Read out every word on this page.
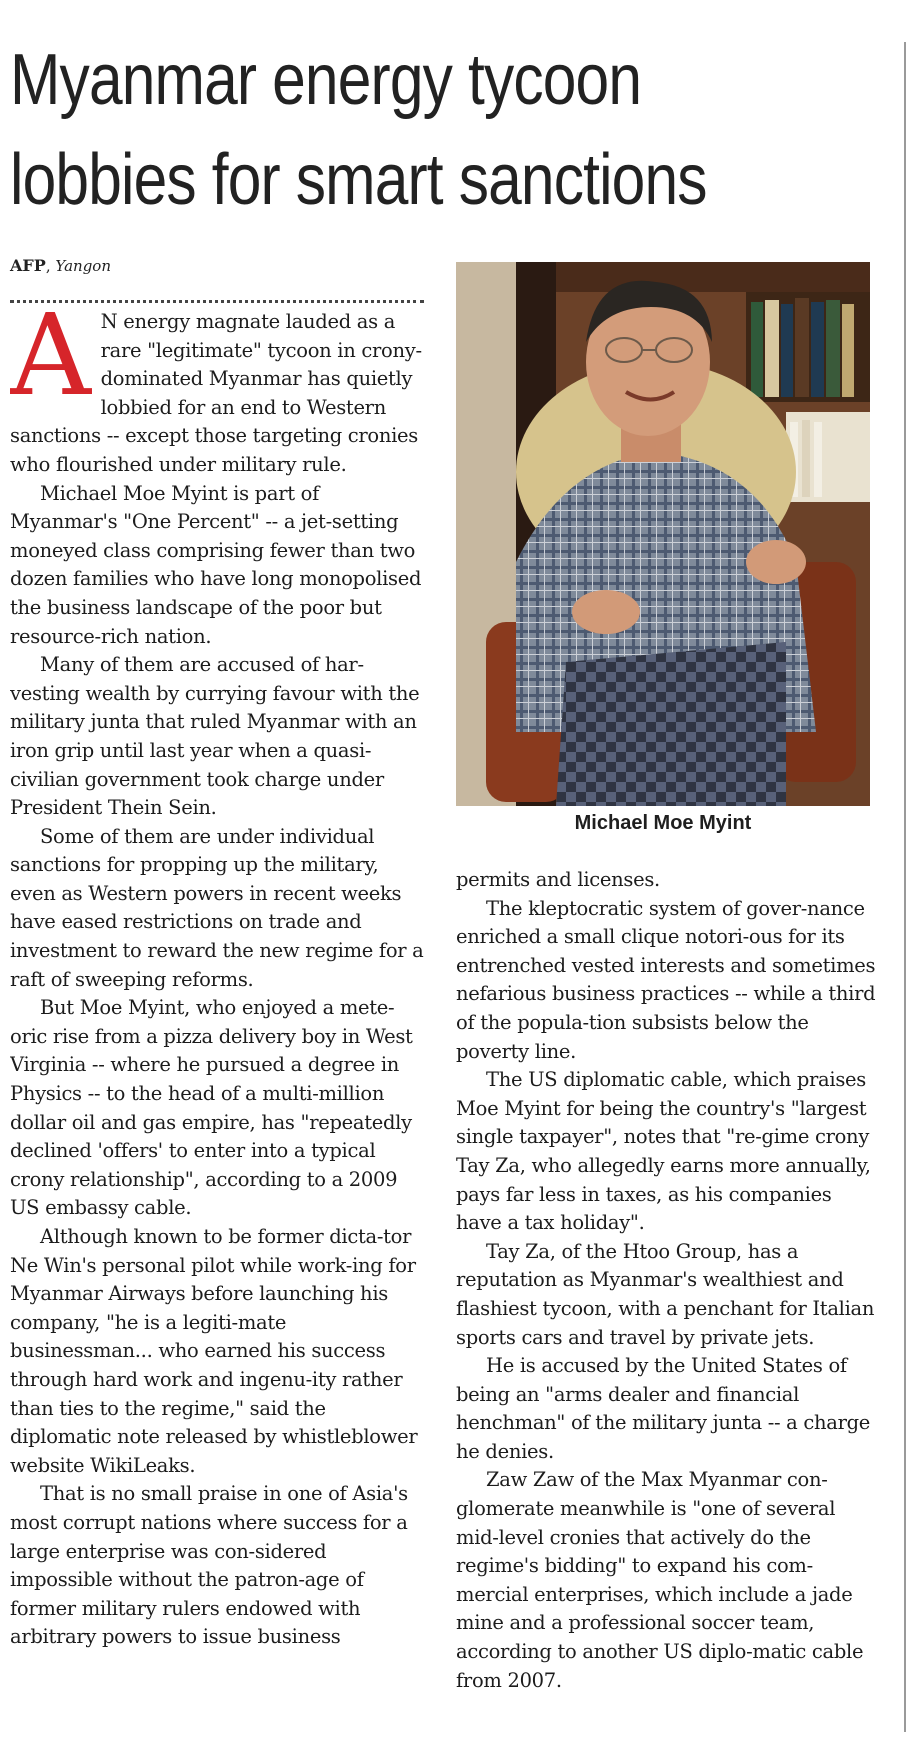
Myanmar energy tycoon
lobbies for smart sanctions
AFP, Yangon

A N energy magnate lauded as a rare "legitimate" tycoon in crony-dominated Myanmar has quietly lobbied for an end to Western sanctions -- except those targeting cronies who flourished under military rule.

Michael Moe Myint is part of Myanmar's "One Percent" -- a jet-setting moneyed class comprising fewer than two dozen families who have long monopolised the business landscape of the poor but resource-rich nation.

Many of them are accused of har-vesting wealth by currying favour with the military junta that ruled Myanmar with an iron grip until last year when a quasi-civilian government took charge under President Thein Sein.

Some of them are under individual sanctions for propping up the military, even as Western powers in recent weeks have eased restrictions on trade and investment to reward the new regime for a raft of sweeping reforms.

But Moe Myint, who enjoyed a mete-oric rise from a pizza delivery boy in West Virginia -- where he pursued a degree in Physics -- to the head of a multi-million dollar oil and gas empire, has "repeatedly declined 'offers' to enter into a typical crony relationship", according to a 2009 US embassy cable.

Although known to be former dicta-tor Ne Win's personal pilot while work-ing for Myanmar Airways before launching his company, "he is a legiti-mate businessman... who earned his success through hard work and ingenu-ity rather than ties to the regime," said the diplomatic note released by whistleblower website WikiLeaks.

That is no small praise in one of Asia's most corrupt nations where success for a large enterprise was con-sidered impossible without the patron-age of former military rulers endowed with arbitrary powers to issue business

Michael Moe Myint

permits and licenses.

The kleptocratic system of gover-nance enriched a small clique notori-ous for its entrenched vested interests and sometimes nefarious business practices -- while a third of the popula-tion subsists below the poverty line.

The US diplomatic cable, which praises Moe Myint for being the country's "largest single taxpayer", notes that "re-gime crony Tay Za, who allegedly earns more annually, pays far less in taxes, as his companies have a tax holiday".

Tay Za, of the Htoo Group, has a reputation as Myanmar's wealthiest and flashiest tycoon, with a penchant for Italian sports cars and travel by private jets.

He is accused by the United States of being an "arms dealer and financial henchman" of the military junta -- a charge he denies.

Zaw Zaw of the Max Myanmar con-glomerate meanwhile is "one of several mid-level cronies that actively do the regime's bidding" to expand his com-mercial enterprises, which include a jade mine and a professional soccer team, according to another US diplo-matic cable from 2007.
